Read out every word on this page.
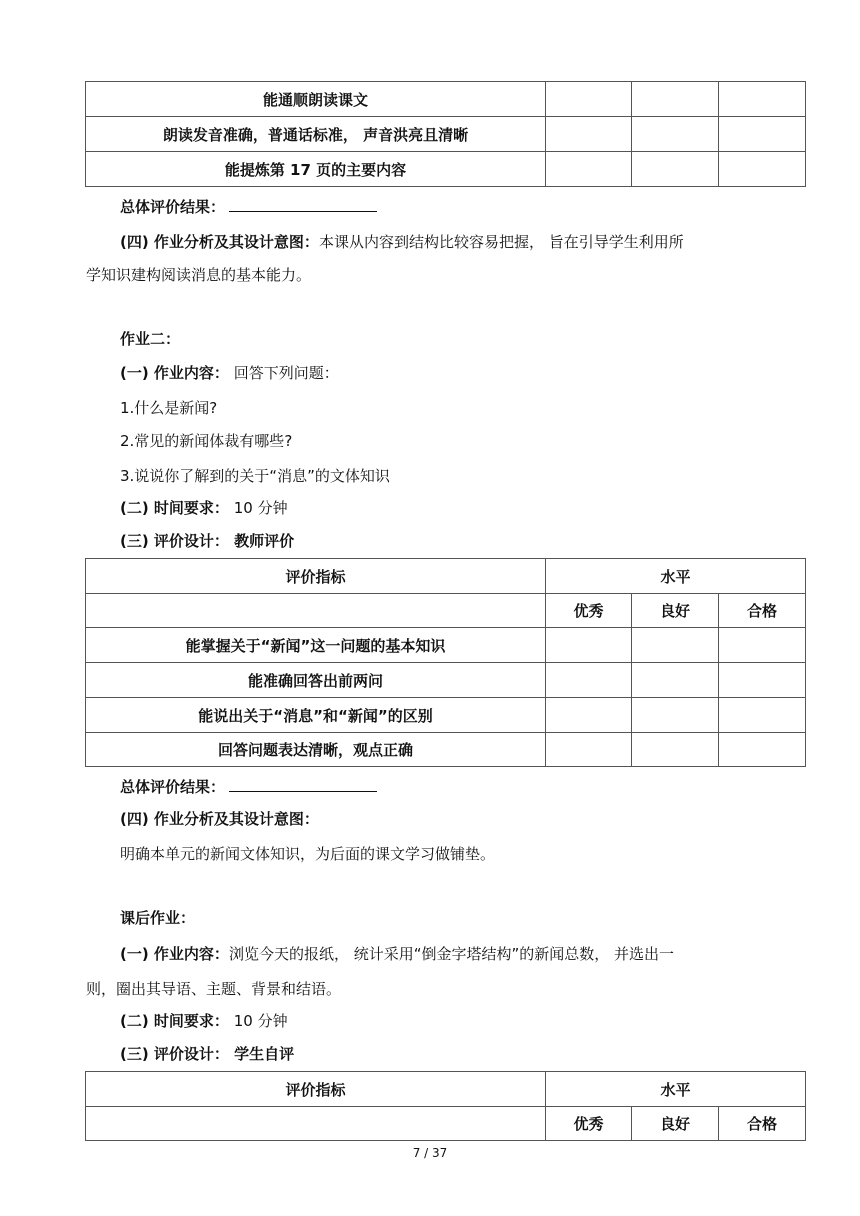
能通顺朗读课文			
朗读发音准确，普通话标准， 声音洪亮且清晰			
能提炼第 17 页的主要内容			
总体评价结果：
(四) 作业分析及其设计意图：本课从内容到结构比较容易把握， 旨在引导学生利用所
学知识建构阅读消息的基本能力。
作业二：
(一) 作业内容： 回答下列问题：
1.什么是新闻?
2.常见的新闻体裁有哪些?
3.说说你了解到的关于“消息”的文体知识
(二) 时间要求： 10 分钟
(三) 评价设计： 教师评价
评价指标	水平		
	优秀	良好	合格
能掌握关于“新闻”这一问题的基本知识			
能准确回答出前两问			
能说出关于“消息”和“新闻”的区别			
回答问题表达清晰，观点正确			
总体评价结果：
(四) 作业分析及其设计意图：
明确本单元的新闻文体知识，为后面的课文学习做铺垫。
课后作业：
(一) 作业内容：浏览今天的报纸， 统计采用“倒金字塔结构”的新闻总数， 并选出一
则，圈出其导语、主题、背景和结语。
(二) 时间要求： 10 分钟
(三) 评价设计： 学生自评
评价指标	水平		
	优秀	良好	合格
7 / 37
